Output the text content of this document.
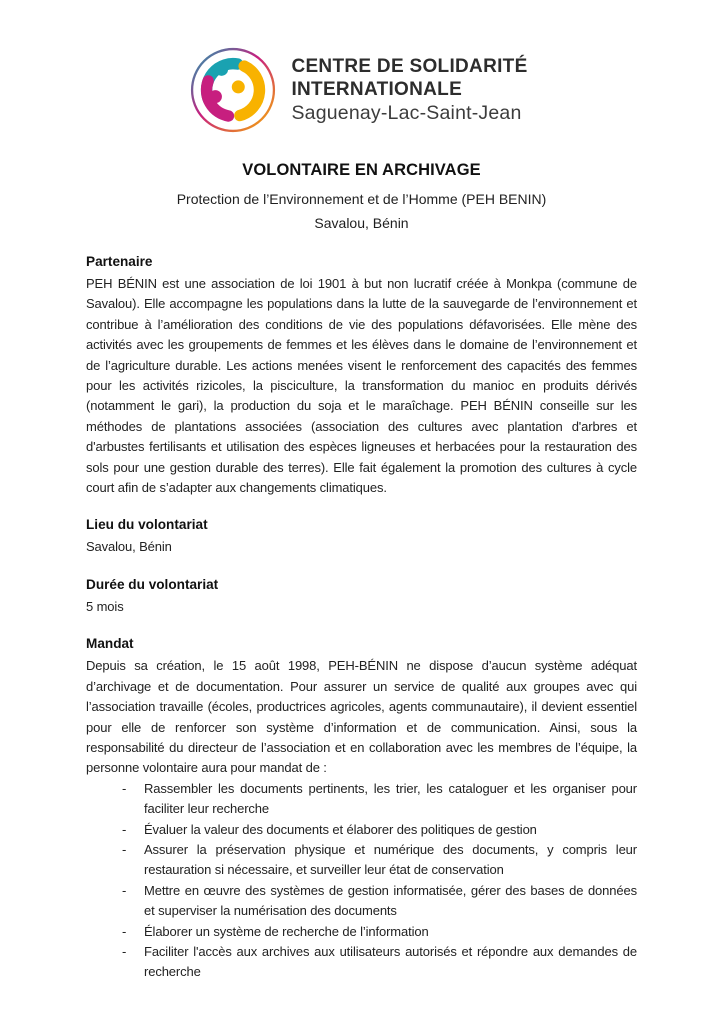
CENTRE DE SOLIDARITÉ
INTERNATIONALE
Saguenay-Lac-Saint-Jean
VOLONTAIRE EN ARCHIVAGE
Protection de l’Environnement et de l’Homme (PEH BENIN)
Savalou, Bénin
Partenaire

PEH BÉNIN est une association de loi 1901 à but non lucratif créée à Monkpa (commune de Savalou). Elle accompagne les populations dans la lutte de la sauvegarde de l’environnement et contribue à l’amélioration des conditions de vie des populations défavorisées. Elle mène des activités avec les groupements de femmes et les élèves dans le domaine de l’environnement et de l’agriculture durable. Les actions menées visent le renforcement des capacités des femmes pour les activités rizicoles, la pisciculture, la transformation du manioc en produits dérivés (notamment le gari), la production du soja et le maraîchage. PEH BÉNIN conseille sur les méthodes de plantations associées (association des cultures avec plantation d'arbres et d'arbustes fertilisants et utilisation des espèces ligneuses et herbacées pour la restauration des sols pour une gestion durable des terres). Elle fait également la promotion des cultures à cycle court afin de s’adapter aux changements climatiques.

Lieu du volontariat

Savalou, Bénin

Durée du volontariat

5 mois

Mandat

Depuis sa création, le 15 août 1998, PEH-BÉNIN ne dispose d’aucun système adéquat d’archivage et de documentation. Pour assurer un service de qualité aux groupes avec qui l’association travaille (écoles, productrices agricoles, agents communautaire), il devient essentiel pour elle de renforcer son système d’information et de communication. Ainsi, sous la responsabilité du directeur de l’association et en collaboration avec les membres de l’équipe, la personne volontaire aura pour mandat de :

-	Rassembler les documents pertinents, les trier, les cataloguer et les organiser pour faciliter leur recherche
-	Évaluer la valeur des documents et élaborer des politiques de gestion
-	Assurer la préservation physique et numérique des documents, y compris leur restauration si nécessaire, et surveiller leur état de conservation
-	Mettre en œuvre des systèmes de gestion informatisée, gérer des bases de données et superviser la numérisation des documents
-	Élaborer un système de recherche de l’information
-	Faciliter l'accès aux archives aux utilisateurs autorisés et répondre aux demandes de recherche
